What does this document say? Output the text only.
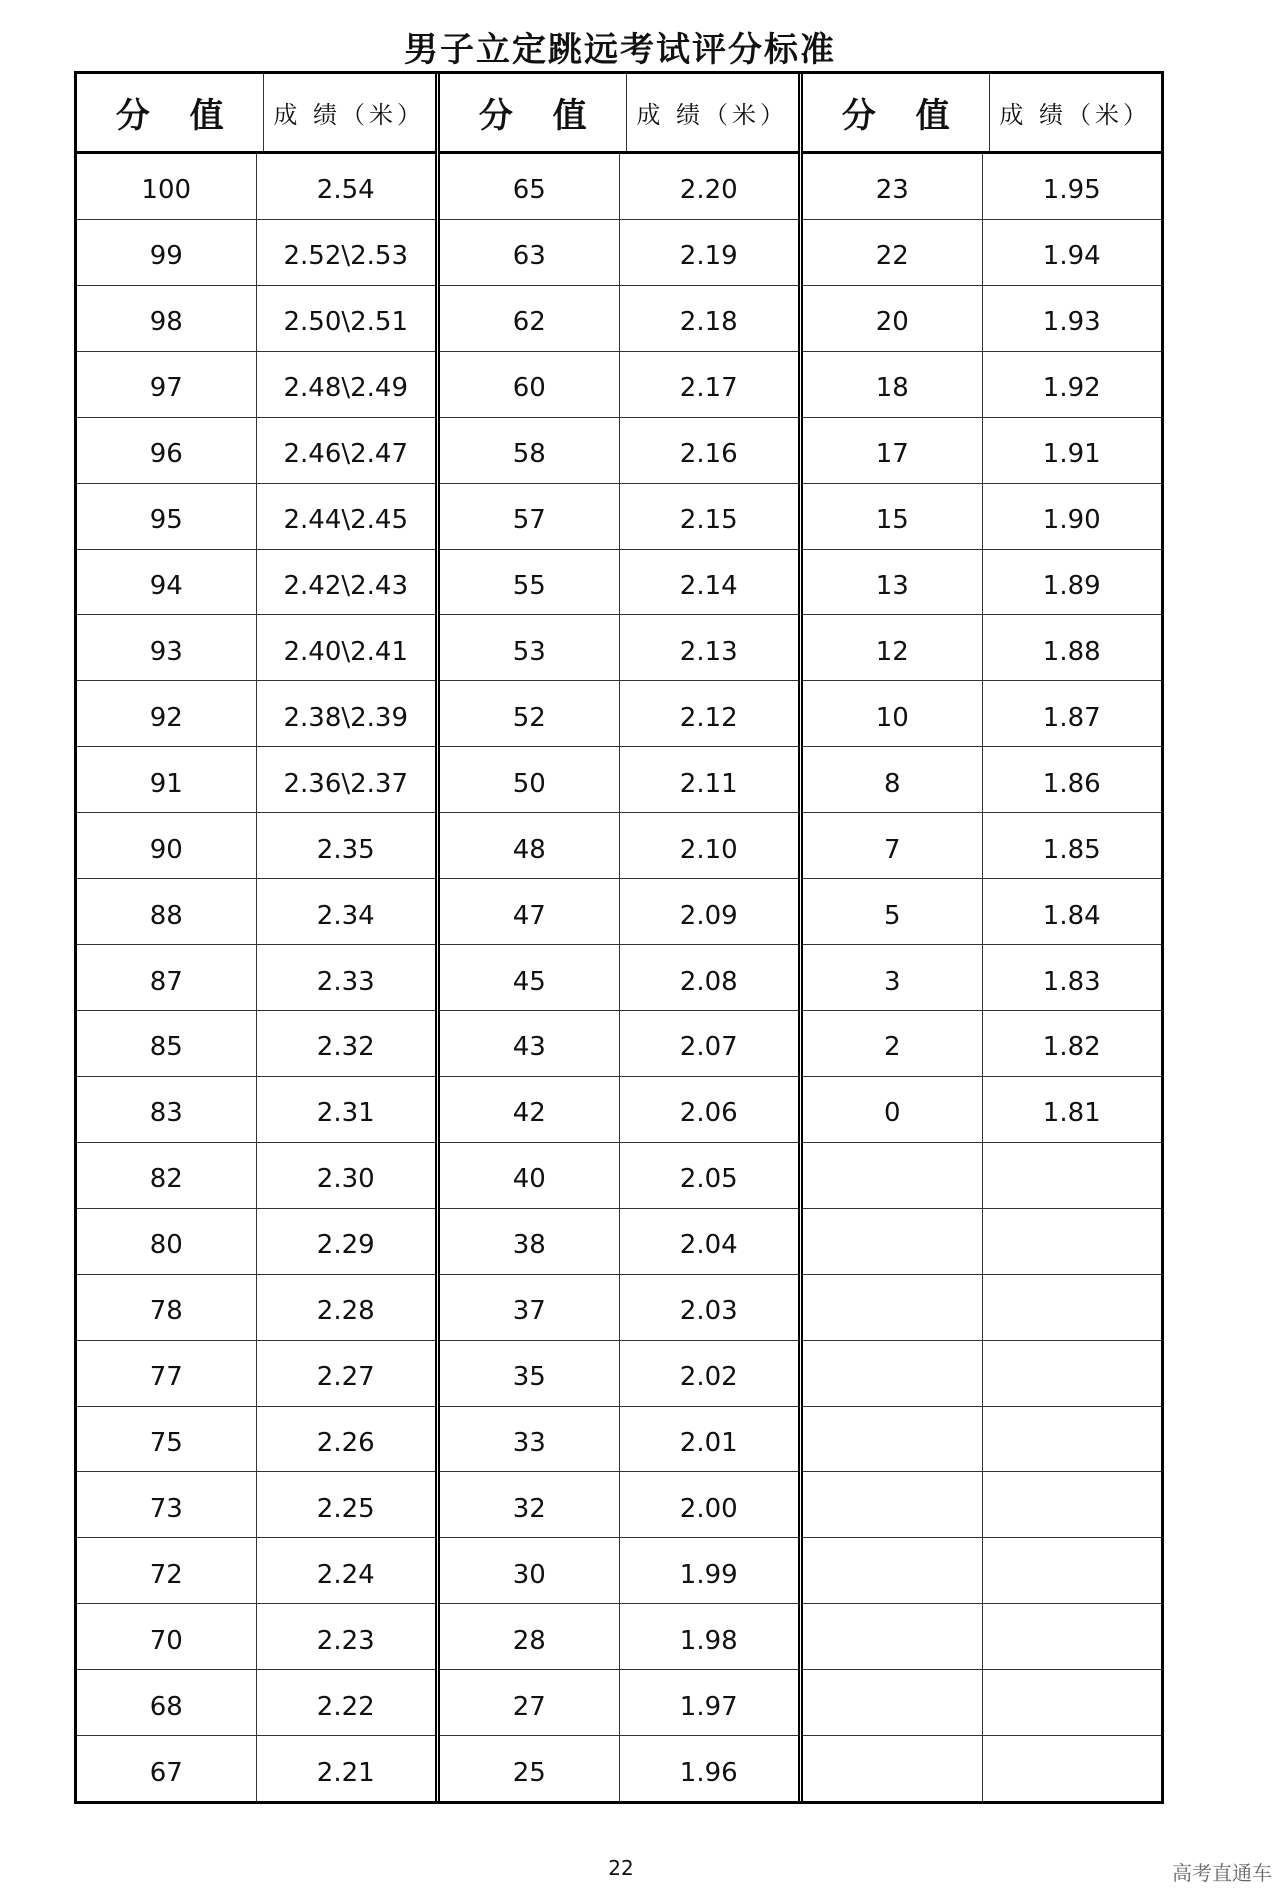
男子立定跳远考试评分标准
分 值	成 绩（米）
100	2.54
99	2.52\2.53
98	2.50\2.51
97	2.48\2.49
96	2.46\2.47
95	2.44\2.45
94	2.42\2.43
93	2.40\2.41
92	2.38\2.39
91	2.36\2.37
90	2.35
88	2.34
87	2.33
85	2.32
83	2.31
82	2.30
80	2.29
78	2.28
77	2.27
75	2.26
73	2.25
72	2.24
70	2.23
68	2.22
67	2.21
分 值	成 绩（米）
65	2.20
63	2.19
62	2.18
60	2.17
58	2.16
57	2.15
55	2.14
53	2.13
52	2.12
50	2.11
48	2.10
47	2.09
45	2.08
43	2.07
42	2.06
40	2.05
38	2.04
37	2.03
35	2.02
33	2.01
32	2.00
30	1.99
28	1.98
27	1.97
25	1.96
分 值	成 绩（米）
23	1.95
22	1.94
20	1.93
18	1.92
17	1.91
15	1.90
13	1.89
12	1.88
10	1.87
8	1.86
7	1.85
5	1.84
3	1.83
2	1.82
0	1.81
22	高考直通车
